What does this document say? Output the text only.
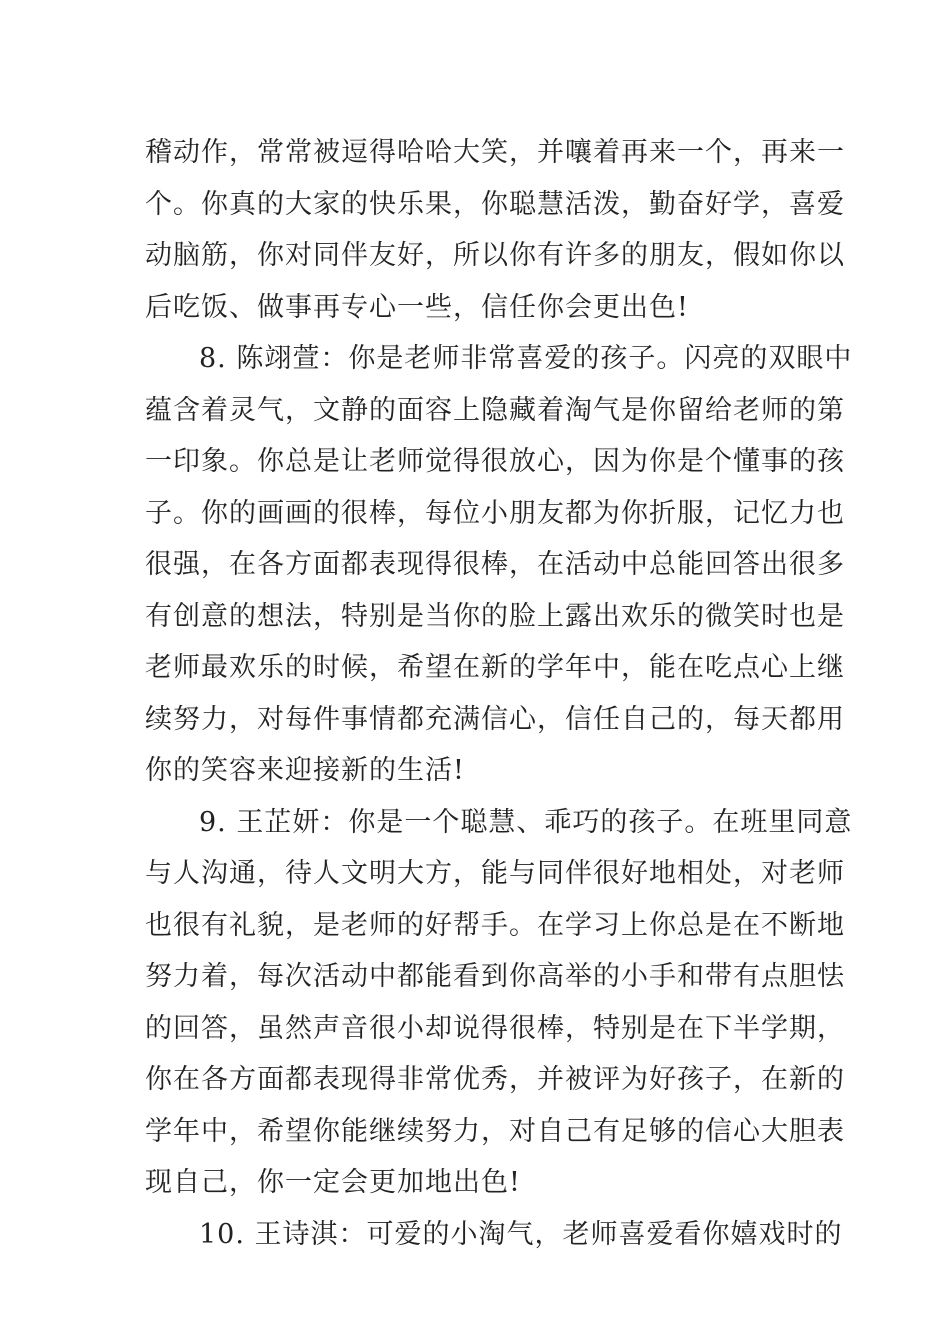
稽动作，常常被逗得哈哈大笑，并嚷着再来一个，再来一
个。你真的大家的快乐果，你聪慧活泼，勤奋好学，喜爱
动脑筋，你对同伴友好，所以你有许多的朋友，假如你以
后吃饭、做事再专心一些，信任你会更出色!
8. 陈翊萱：你是老师非常喜爱的孩子。闪亮的双眼中
蕴含着灵气，文静的面容上隐藏着淘气是你留给老师的第
一印象。你总是让老师觉得很放心，因为你是个懂事的孩
子。你的画画的很棒，每位小朋友都为你折服，记忆力也
很强，在各方面都表现得很棒，在活动中总能回答出很多
有创意的想法，特别是当你的脸上露出欢乐的微笑时也是
老师最欢乐的时候，希望在新的学年中，能在吃点心上继
续努力，对每件事情都充满信心，信任自己的，每天都用
你的笑容来迎接新的生活!
9. 王芷妍：你是一个聪慧、乖巧的孩子。在班里同意
与人沟通，待人文明大方，能与同伴很好地相处，对老师
也很有礼貌，是老师的好帮手。在学习上你总是在不断地
努力着，每次活动中都能看到你高举的小手和带有点胆怯
的回答，虽然声音很小却说得很棒，特别是在下半学期，
你在各方面都表现得非常优秀，并被评为好孩子，在新的
学年中，希望你能继续努力，对自己有足够的信心大胆表
现自己，你一定会更加地出色!
10. 王诗淇：可爱的小淘气，老师喜爱看你嬉戏时的
